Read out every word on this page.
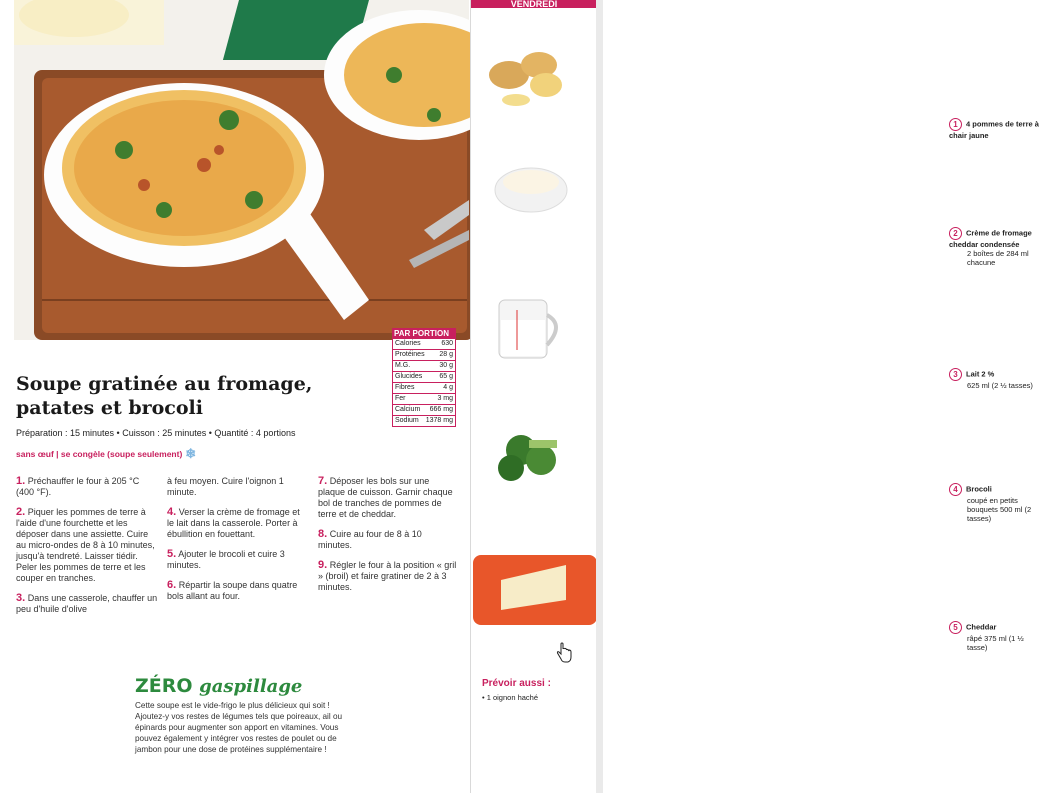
PAR PORTION
Calories	630
Protéines 28 g
M.G.	30 g
Glucides 65 g
Fibres	4 g
Fer	3 mg
Calcium 666 mg
Sodium 1378 mg
Soupe gratinée au fromage, patates et brocoli
Préparation : 15 minutes • Cuisson : 25 minutes • Quantité : 4 portions
sans œuf | se congèle (soupe seulement) ❄
1. Préchauffer le four à 205 °C (400 °F).
2. Piquer les pommes de terre à l'aide d'une fourchette et les déposer dans une assiette. Cuire au micro-ondes de 8 à 10 minutes, jusqu'à tendreté. Laisser tiédir. Peler les pommes de terre et les couper en tranches.
3. Dans une casserole, chauffer un peu d'huile d'olive
à feu moyen. Cuire l'oignon 1 minute.
4. Verser la crème de fromage et le lait dans la casserole. Porter à ébullition en fouettant.
5. Ajouter le brocoli et cuire 3 minutes.
6. Répartir la soupe dans quatre bols allant au four.
7. Déposer les bols sur une plaque de cuisson. Garnir chaque bol de tranches de pommes de terre et de cheddar.
8. Cuire au four de 8 à 10 minutes.
9. Régler le four à la position « gril » (broil) et faire gratiner de 2 à 3 minutes.
ZÉRO gaspillage
Cette soupe est le vide-frigo le plus délicieux qui soit ! Ajoutez-y vos restes de légumes tels que poireaux, ail ou épinards pour augmenter son apport en vitamines. Vous pouvez également y intégrer vos restes de poulet ou de jambon pour une dose de protéines supplémentaire !
VENDREDI
1 4 pommes de terre à chair jaune
2 Crème de fromage cheddar condensée
2 boîtes de 284 ml chacune
3 Lait 2 %
625 ml (2 ½ tasses)
4 Brocoli
coupé en petits bouquets 500 ml (2 tasses)
5 Cheddar
râpé 375 ml (1 ½ tasse)
Prévoir aussi :
• 1 oignon haché
